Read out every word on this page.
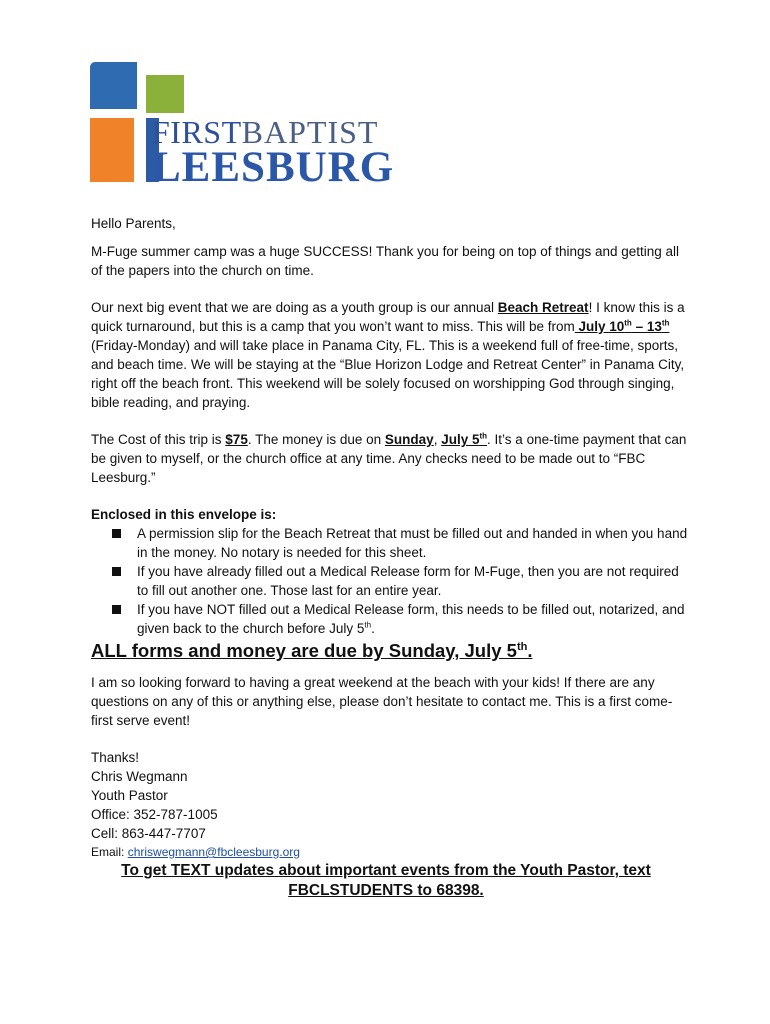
FIRSTBAPTIST
LEESBURG

Hello Parents,

M-Fuge summer camp was a huge SUCCESS! Thank you for being on top of things and getting all of the papers into the church on time.

Our next big event that we are doing as a youth group is our annual Beach Retreat! I know this is a quick turnaround, but this is a camp that you won’t want to miss. This will be from July 10th – 13th (Friday-Monday) and will take place in Panama City, FL. This is a weekend full of free-time, sports, and beach time. We will be staying at the “Blue Horizon Lodge and Retreat Center” in Panama City, right off the beach front. This weekend will be solely focused on worshipping God through singing, bible reading, and praying.

The Cost of this trip is $75. The money is due on Sunday, July 5th. It’s a one-time payment that can be given to myself, or the church office at any time. Any checks need to be made out to “FBC Leesburg.”

Enclosed in this envelope is:

A permission slip for the Beach Retreat that must be filled out and handed in when you hand in the money. No notary is needed for this sheet.
If you have already filled out a Medical Release form for M-Fuge, then you are not required to fill out another one. Those last for an entire year.
If you have NOT filled out a Medical Release form, this needs to be filled out, notarized, and given back to the church before July 5th.

ALL forms and money are due by Sunday, July 5th.

I am so looking forward to having a great weekend at the beach with your kids! If there are any questions on any of this or anything else, please don’t hesitate to contact me. This is a first come-first serve event!

Thanks!

Chris Wegmann

Youth Pastor

Office: 352-787-1005

Cell: 863-447-7707

Email: chriswegmann@fbcleesburg.org

To get TEXT updates about important events from the Youth Pastor, text FBCLSTUDENTS to 68398.
